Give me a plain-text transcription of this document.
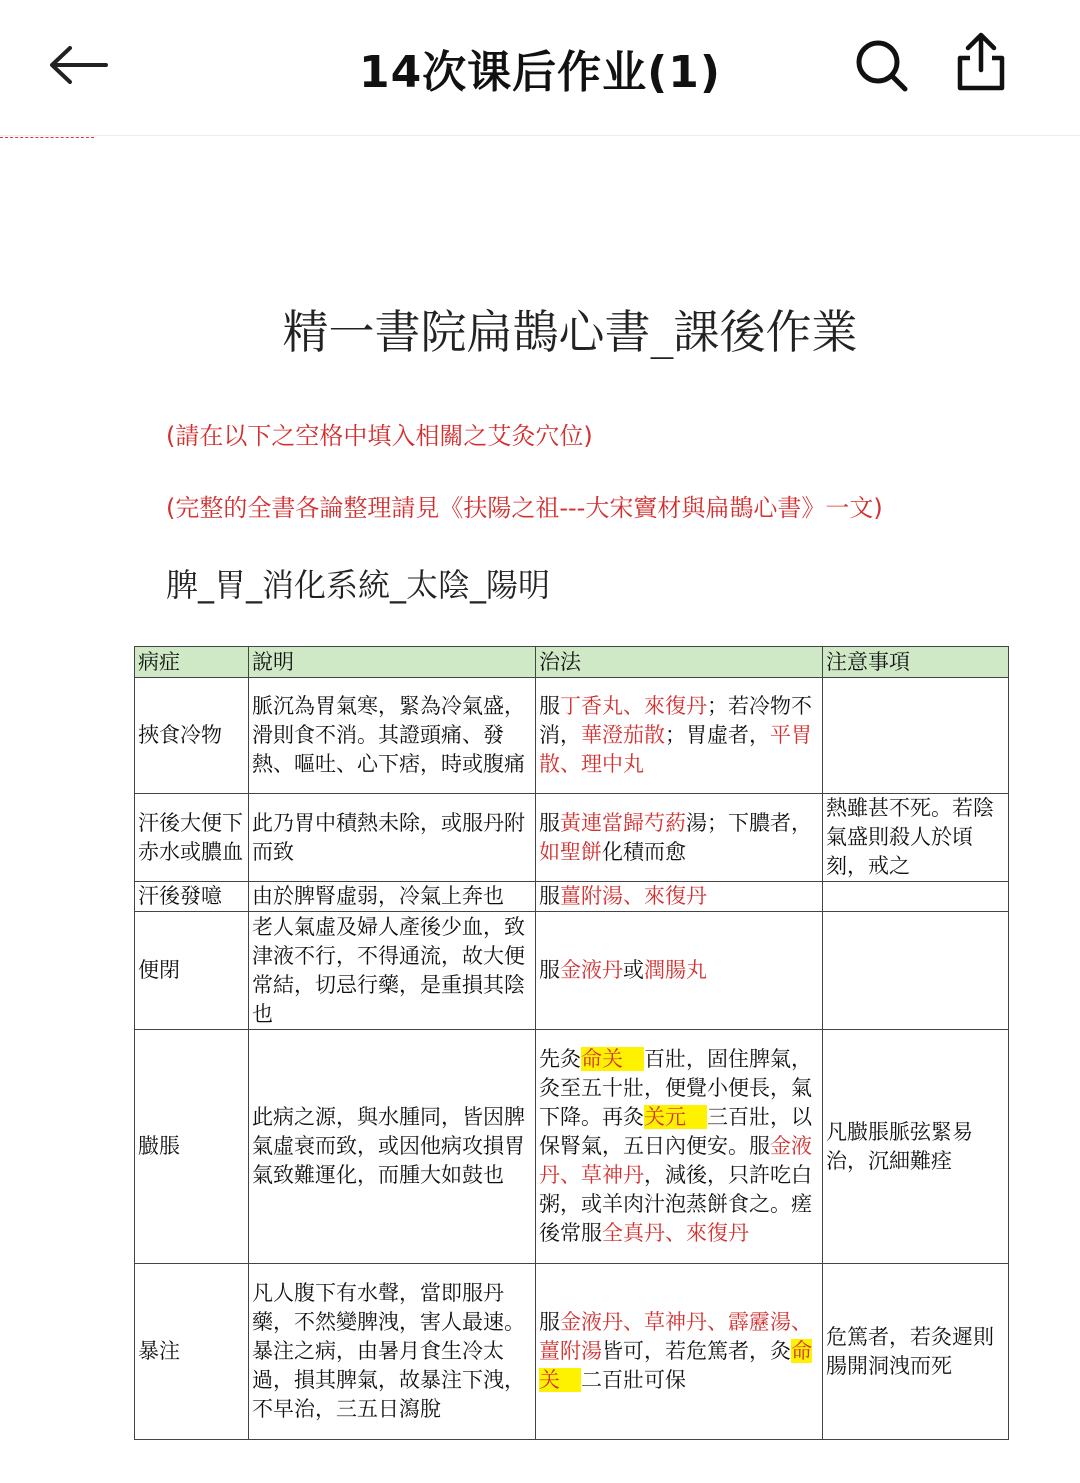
14次课后作业(1)
精一書院扁鵲心書_課後作業
(請在以下之空格中填入相關之艾灸穴位)
(完整的全書各論整理請見《扶陽之祖---大宋竇材與扁鵲心書》一文)
脾_胃_消化系統_太陰_陽明
病症	說明	治法	注意事項
挾食冷物	脈沉為胃氣寒，緊為冷氣盛，滑則食不消。其證頭痛、發熱、嘔吐、心下痞，時或腹痛	服丁香丸、來復丹；若冷物不消，華澄茄散；胃虛者，平胃散、理中丸	
汗後大便下赤水或膿血	此乃胃中積熱未除，或服丹附而致	服黃連當歸芍葯湯；下膿者，如聖餅化積而愈	熱雖甚不死。若陰氣盛則殺人於頃刻，戒之
汗後發噫	由於脾腎虛弱，冷氣上奔也	服薑附湯、來復丹	
便閉	老人氣虛及婦人產後少血，致津液不行，不得通流，故大便常結，切忌行藥，是重損其陰也	服金液丹或潤腸丸	
臌脹	此病之源，與水腫同，皆因脾氣虛衰而致，或因他病攻損胃氣致難運化，而腫大如鼓也	先灸命关　百壯，固住脾氣，灸至五十壯，便覺小便長，氣下降。再灸关元　三百壯，以保腎氣，五日內便安。服金液丹、草神丹，減後，只許吃白粥，或羊肉汁泡蒸餅食之。瘥後常服全真丹、來復丹	凡臌脹脈弦緊易治，沉細難痊
暴注	凡人腹下有水聲，當即服丹藥，不然變脾洩，害人最速。暴注之病，由暑月食生冷太過，損其脾氣，故暴注下洩，不早治，三五日瀉脫	服金液丹、草神丹、霹靂湯、薑附湯皆可，若危篤者，灸命关　二百壯可保	危篤者，若灸遲則腸開洞洩而死
